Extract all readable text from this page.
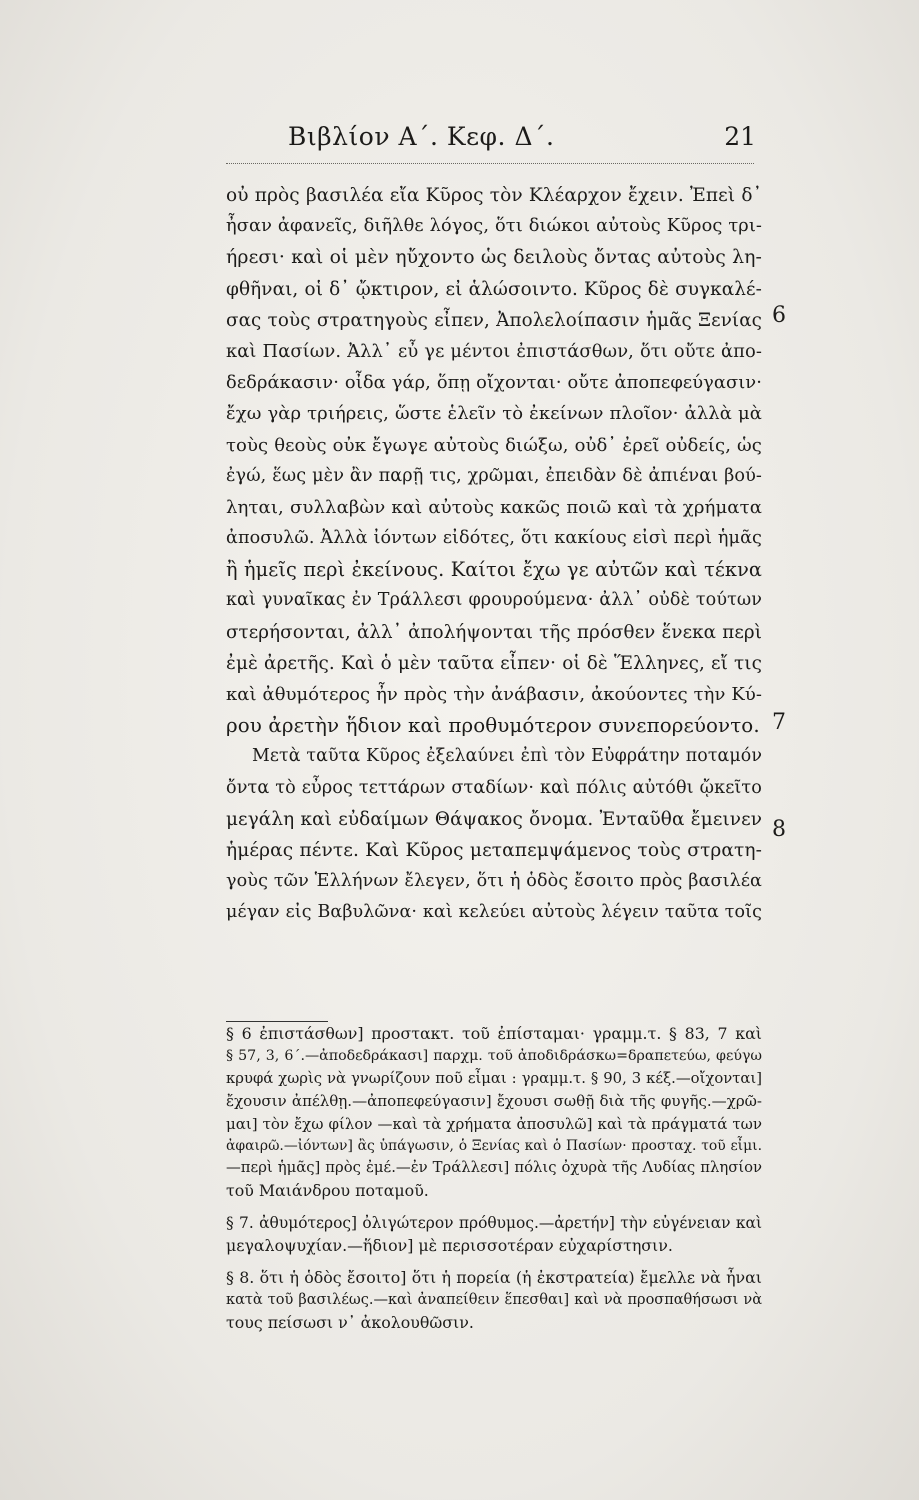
Βιβλίον Α΄. Κεφ. Δ΄.	21
οὐ πρὸς βασιλέα εἴα Κῦρος τὸν Κλέαρχον ἔχειν. Ἐπεὶ δ᾽
ἦσαν ἀφανεῖς, διῆλθε λόγος, ὅτι διώκοι αὐτοὺς Κῦρος τρι-
ήρεσι· καὶ οἱ μὲν ηὔχοντο ὡς δειλοὺς ὄντας αὐτοὺς λη-
φθῆναι, οἱ δ᾽ ᾤκτιρον, εἰ ἁλώσοιντο. Κῦρος δὲ συγκαλέ-
σας τοὺς στρατηγοὺς εἶπεν, Ἀπολελοίπασιν ἡμᾶς Ξενίας
καὶ Πασίων. Ἀλλ᾽ εὖ γε μέντοι ἐπιστάσθων, ὅτι οὔτε ἀπο-
δεδράκασιν· οἶδα γάρ, ὅπῃ οἴχονται· οὔτε ἀποπεφεύγασιν·
ἔχω γὰρ τριήρεις, ὥστε ἑλεῖν τὸ ἐκείνων πλοῖον· ἀλλὰ μὰ
τοὺς θεοὺς οὐκ ἔγωγε αὐτοὺς διώξω, οὐδ᾽ ἐρεῖ οὐδείς, ὡς
ἐγώ, ἕως μὲν ἂν παρῇ τις, χρῶμαι, ἐπειδὰν δὲ ἀπιέναι βού-
ληται, συλλαβὼν καὶ αὐτοὺς κακῶς ποιῶ καὶ τὰ χρήματα
ἀποσυλῶ. Ἀλλὰ ἰόντων εἰδότες, ὅτι κακίους εἰσὶ περὶ ἡμᾶς
ἢ ἡμεῖς περὶ ἐκείνους. Καίτοι ἔχω γε αὐτῶν καὶ τέκνα
καὶ γυναῖκας ἐν Τράλλεσι φρουρούμενα· ἀλλ᾽ οὐδὲ τούτων
στερήσονται, ἀλλ᾽ ἀπολήψονται τῆς πρόσθεν ἕνεκα περὶ
ἐμὲ ἀρετῆς. Καὶ ὁ μὲν ταῦτα εἶπεν· οἱ δὲ Ἕλληνες, εἴ τις
καὶ ἀθυμότερος ἦν πρὸς τὴν ἀνάβασιν, ἀκούοντες τὴν Κύ-
ρου ἀρετὴν ἥδιον καὶ προθυμότερον συνεπορεύοντο.
Μετὰ ταῦτα Κῦρος ἐξελαύνει ἐπὶ τὸν Εὐφράτην ποταμόν
ὄντα τὸ εὖρος τεττάρων σταδίων· καὶ πόλις αὐτόθι ᾤκεῖτο
μεγάλη καὶ εὐδαίμων Θάψακος ὄνομα. Ἐνταῦθα ἔμεινεν
ἡμέρας πέντε. Καὶ Κῦρος μεταπεμψάμενος τοὺς στρατη-
γοὺς τῶν Ἑλλήνων ἔλεγεν, ὅτι ἡ ὁδὸς ἔσοιτο πρὸς βασιλέα
μέγαν εἰς Βαβυλῶνα· καὶ κελεύει αὐτοὺς λέγειν ταῦτα τοῖς
6
7
8
§ 6 ἐπιστάσθων] προστακτ. τοῦ ἐπίσταμαι· γραμμ.τ. § 83, 7 καὶ
§ 57, 3, 6΄.—ἀποδεδράκασι] παρχμ. τοῦ ἀποδιδράσκω=δραπετεύω, φεύγω
κρυφά χωρὶς νὰ γνωρίζουν ποῦ εἶμαι : γραμμ.τ. § 90, 3 κέξ.—οἴχονται]
ἔχουσιν ἀπέλθῃ.—ἀποπεφεύγασιν] ἔχουσι σωθῇ διὰ τῆς φυγῆς.—χρῶ-
μαι] τὸν ἔχω φίλον —καὶ τὰ χρήματα ἀποσυλῶ] καὶ τὰ πράγματά των
ἀφαιρῶ.—ἰόντων] ἂς ὑπάγωσιν, ὁ Ξενίας καὶ ὁ Πασίων· προσταχ. τοῦ εἶμι.
—περὶ ἡμᾶς] πρὸς ἐμέ.—ἐν Τράλλεσι] πόλις ὀχυρὰ τῆς Λυδίας πλησίον
τοῦ Μαιάνδρου ποταμοῦ.
§ 7. ἀθυμότερος] ὀλιγώτερον πρόθυμος.—ἀρετήν] τὴν εὐγένειαν καὶ
μεγαλοψυχίαν.—ἥδιον] μὲ περισσοτέραν εὐχαρίστησιν.
§ 8. ὅτι ἡ ὁδὸς ἔσοιτο] ὅτι ἡ πορεία (ἡ ἐκστρατεία) ἔμελλε νὰ ἦναι
κατὰ τοῦ βασιλέως.—καὶ ἀναπείθειν ἕπεσθαι] καὶ νὰ προσπαθήσωσι νὰ
τους πείσωσι ν᾽ ἀκολουθῶσιν.
